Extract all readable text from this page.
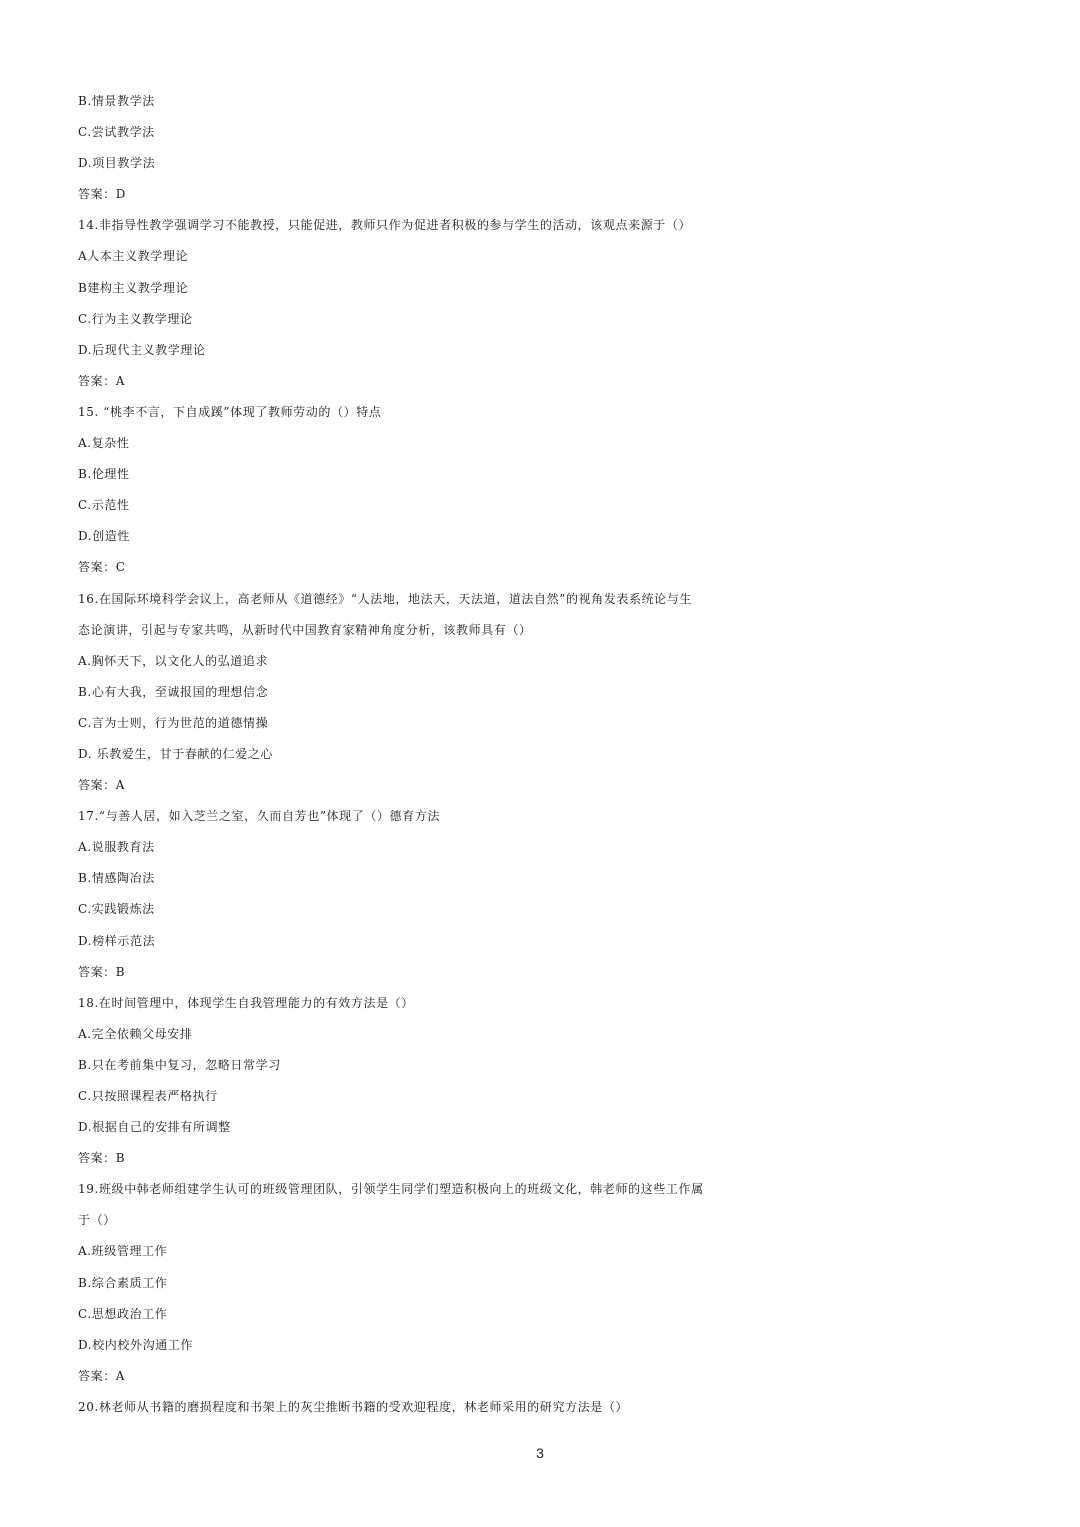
B.情景教学法
C.尝试教学法
D.项目教学法
答案：D
14.非指导性教学强调学习不能教授，只能促进，教师只作为促进者积极的参与学生的活动，该观点来源于（）
A人本主义教学理论
B建构主义教学理论
C.行为主义教学理论
D.后现代主义教学理论
答案：A
15. “桃李不言，下自成蹊”体现了教师劳动的（）特点
A.复杂性
B.伦理性
C.示范性
D.创造性
答案：C
16.在国际环境科学会议上，高老师从《道德经》“人法地，地法天，天法道，道法自然”的视角发表系统论与生
态论演讲，引起与专家共鸣，从新时代中国教育家精神角度分析，该教师具有（）
A.胸怀天下，以文化人的弘道追求
B.心有大我，至诚报国的理想信念
C.言为士则，行为世范的道德情操
D. 乐教爱生，甘于春献的仁爱之心
答案：A
17.“与善人居，如入芝兰之室，久而自芳也”体现了（）德育方法
A.说服教育法
B.情感陶冶法
C.实践锻炼法
D.榜样示范法
答案：B
18.在时间管理中，体现学生自我管理能力的有效方法是（）
A.完全依赖父母安排
B.只在考前集中复习，忽略日常学习
C.只按照课程表严格执行
D.根据自己的安排有所调整
答案：B
19.班级中韩老师组建学生认可的班级管理团队，引领学生同学们塑造积极向上的班级文化，韩老师的这些工作属
于（）
A.班级管理工作
B.综合素质工作
C.思想政治工作
D.校内校外沟通工作
答案：A
20.林老师从书籍的磨损程度和书架上的灰尘推断书籍的受欢迎程度，林老师采用的研究方法是（）
3
